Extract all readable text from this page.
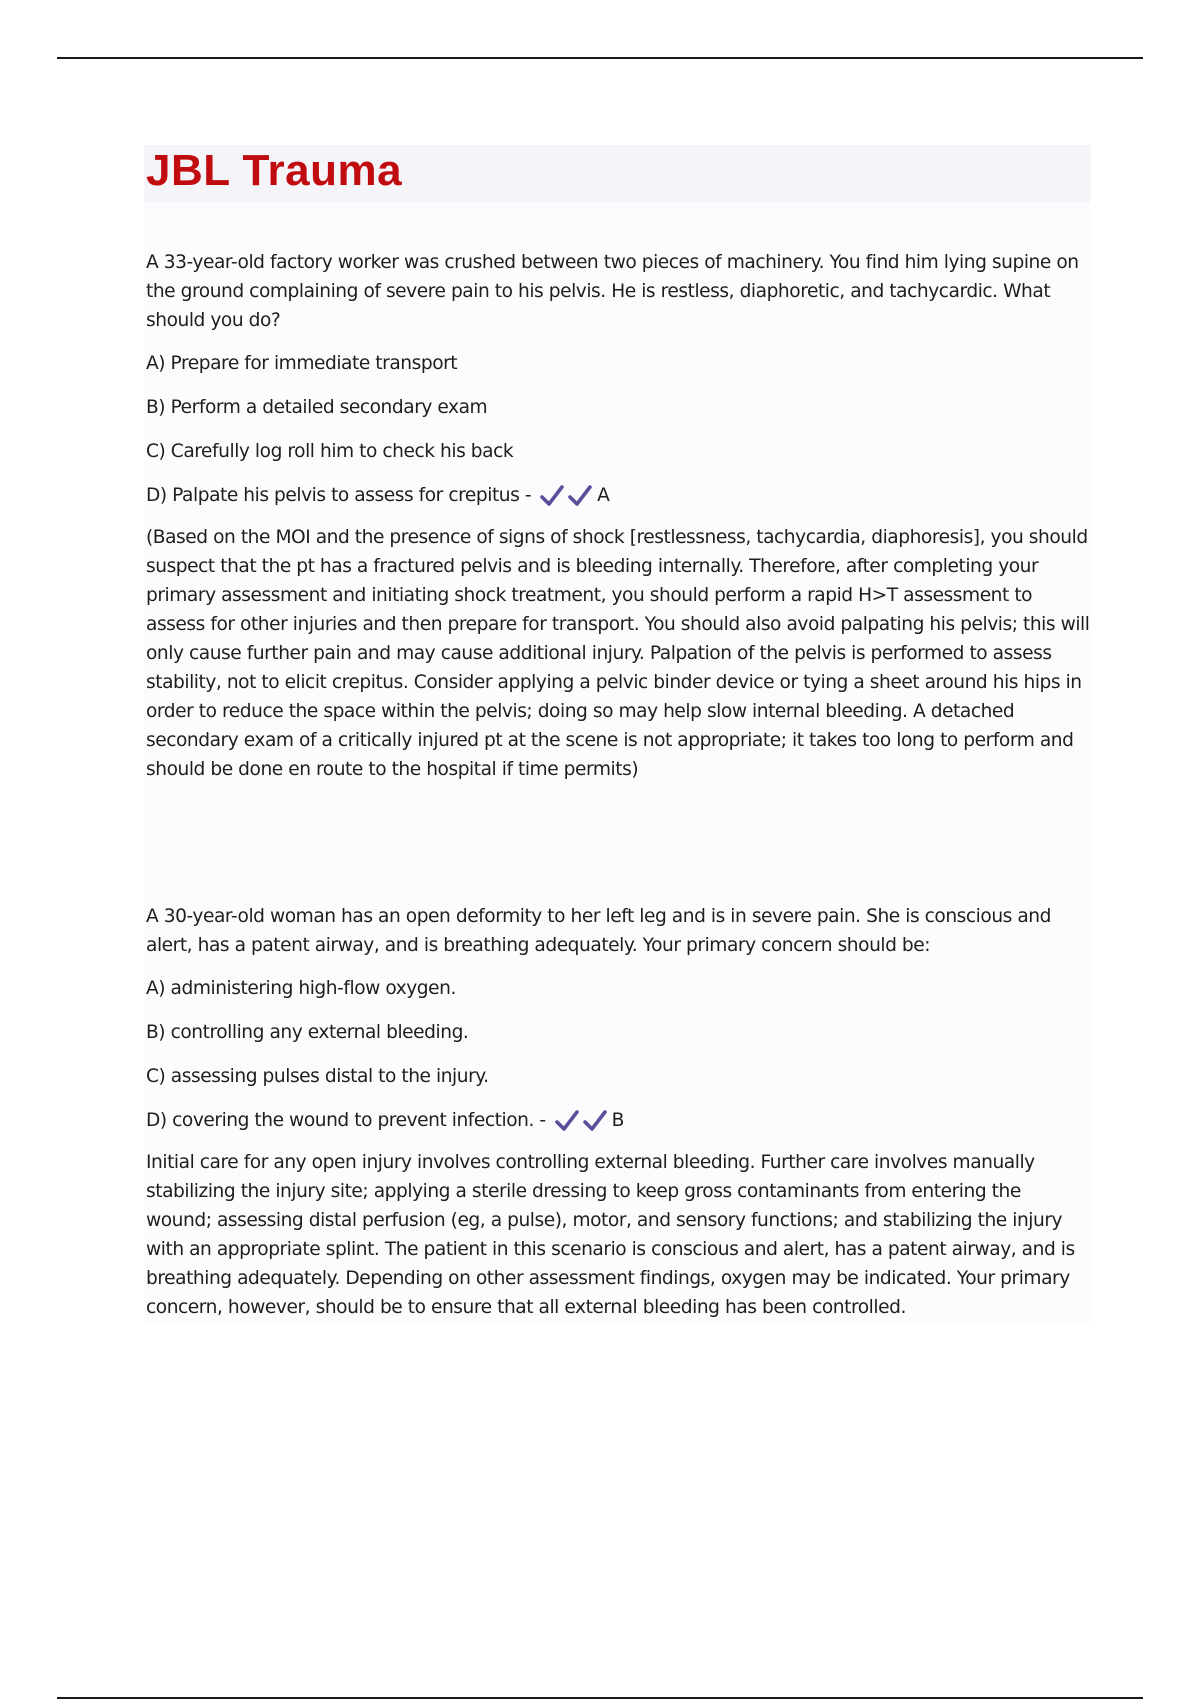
JBL Trauma

A 33-year-old factory worker was crushed between two pieces of machinery. You find him lying supine on the ground complaining of severe pain to his pelvis. He is restless, diaphoretic, and tachycardic. What should you do?

A) Prepare for immediate transport

B) Perform a detailed secondary exam

C) Carefully log roll him to check his back

D) Palpate his pelvis to assess for crepitus -	A

(Based on the MOI and the presence of signs of shock [restlessness, tachycardia, diaphoresis], you should suspect that the pt has a fractured pelvis and is bleeding internally. Therefore, after completing your primary assessment and initiating shock treatment, you should perform a rapid H>T assessment to assess for other injuries and then prepare for transport. You should also avoid palpating his pelvis; this will only cause further pain and may cause additional injury. Palpation of the pelvis is performed to assess stability, not to elicit crepitus. Consider applying a pelvic binder device or tying a sheet around his hips in order to reduce the space within the pelvis; doing so may help slow internal bleeding. A detached secondary exam of a critically injured pt at the scene is not appropriate; it takes too long to perform and should be done en route to the hospital if time permits)

A 30-year-old woman has an open deformity to her left leg and is in severe pain. She is conscious and alert, has a patent airway, and is breathing adequately. Your primary concern should be:

A) administering high-flow oxygen.

B) controlling any external bleeding.

C) assessing pulses distal to the injury.

D) covering the wound to prevent infection. -	B

Initial care for any open injury involves controlling external bleeding. Further care involves manually stabilizing the injury site; applying a sterile dressing to keep gross contaminants from entering the wound; assessing distal perfusion (eg, a pulse), motor, and sensory functions; and stabilizing the injury with an appropriate splint. The patient in this scenario is conscious and alert, has a patent airway, and is breathing adequately. Depending on other assessment findings, oxygen may be indicated. Your primary concern, however, should be to ensure that all external bleeding has been controlled.
